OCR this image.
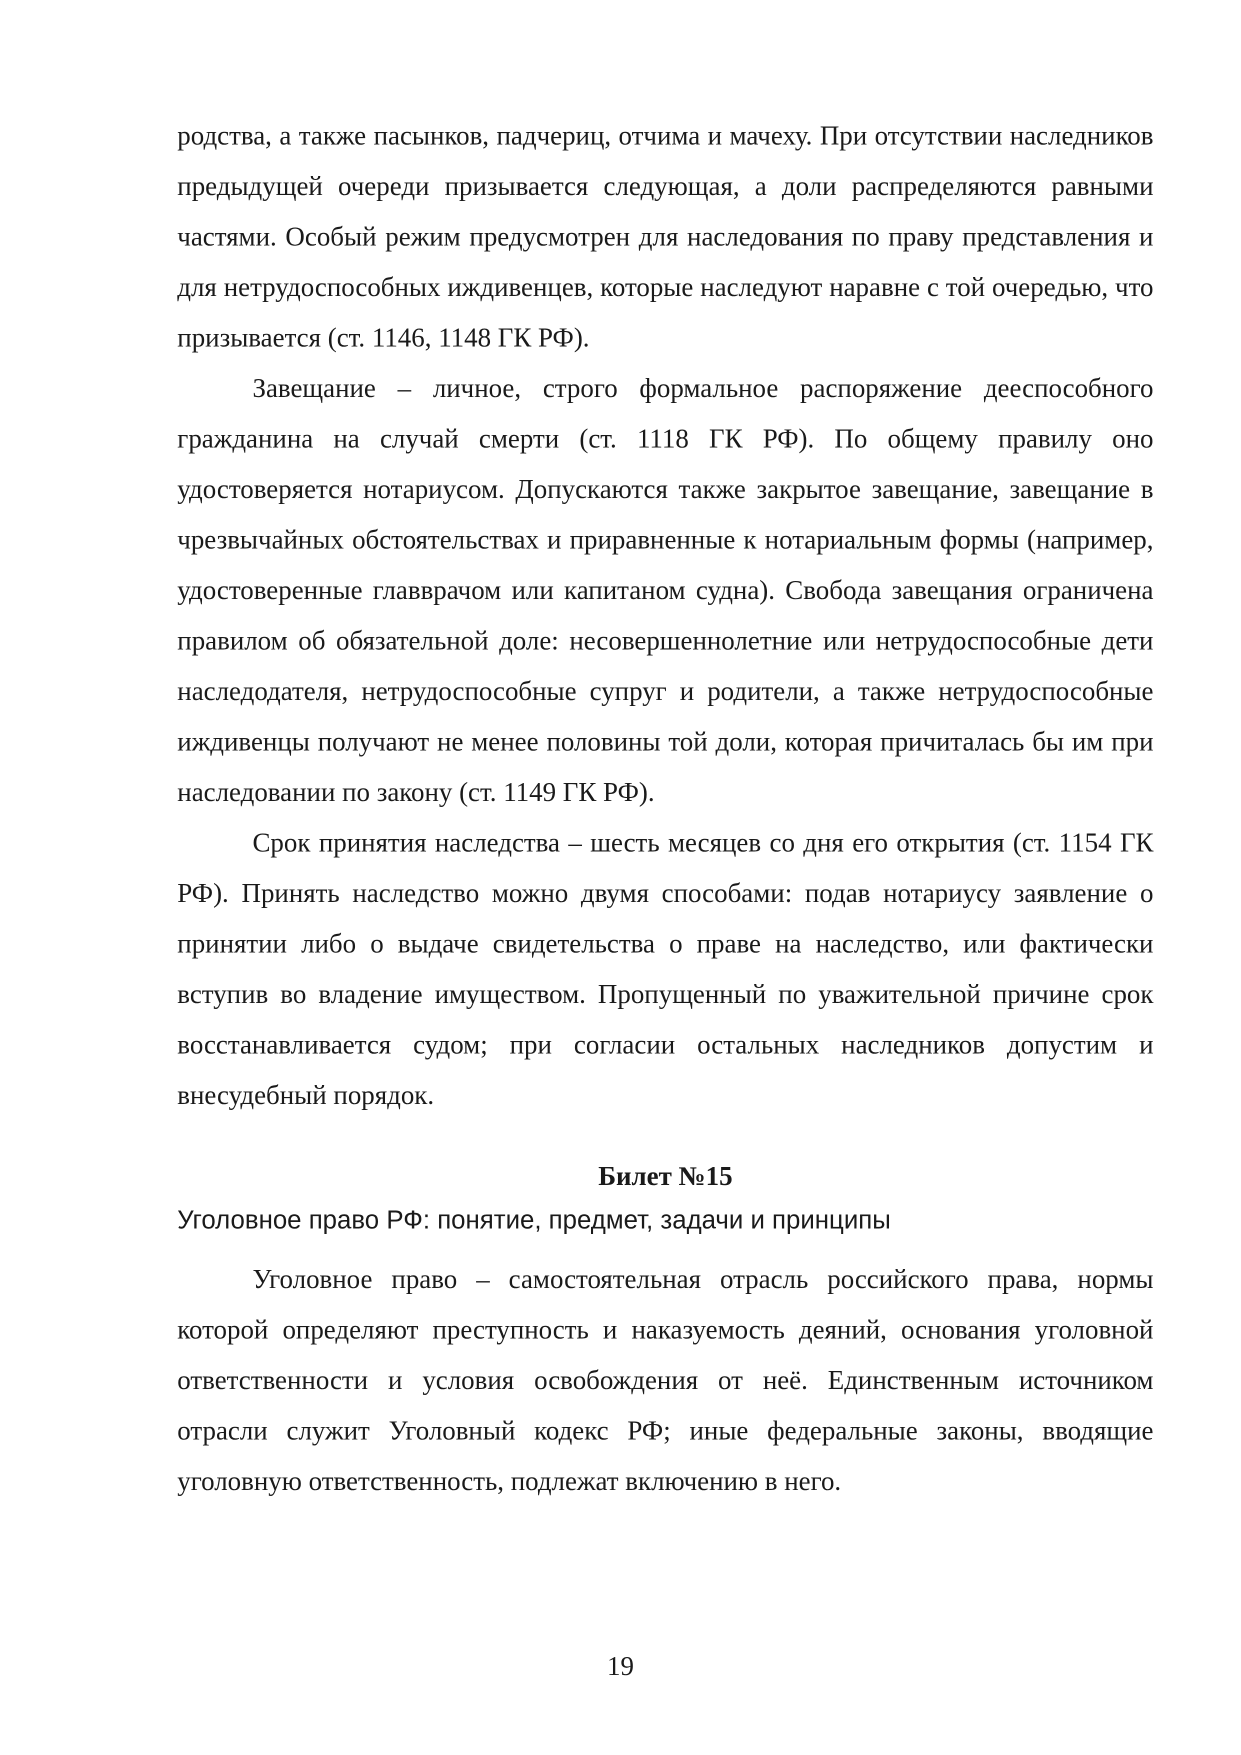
родства, а также пасынков, падчериц, отчима и мачеху. При отсутствии наследников предыдущей очереди призывается следующая, а доли распределяются равными частями. Особый режим предусмотрен для наследования по праву представления и для нетрудоспособных иждивенцев, которые наследуют наравне с той очередью, что призывается (ст. 1146, 1148 ГК РФ).

Завещание – личное, строго формальное распоряжение дееспособного гражданина на случай смерти (ст. 1118 ГК РФ). По общему правилу оно удостоверяется нотариусом. Допускаются также закрытое завещание, завещание в чрезвычайных обстоятельствах и приравненные к нотариальным формы (например, удостоверенные главврачом или капитаном судна). Свобода завещания ограничена правилом об обязательной доле: несовершеннолетние или нетрудоспособные дети наследодателя, нетрудоспособные супруг и родители, а также нетрудоспособные иждивенцы получают не менее половины той доли, которая причиталась бы им при наследовании по закону (ст. 1149 ГК РФ).

Срок принятия наследства – шесть месяцев со дня его открытия (ст. 1154 ГК РФ). Принять наследство можно двумя способами: подав нотариусу заявление о принятии либо о выдаче свидетельства о праве на наследство, или фактически вступив во владение имуществом. Пропущенный по уважительной причине срок восстанавливается судом; при согласии остальных наследников допустим и внесудебный порядок.

Билет №15
Уголовное право РФ: понятие, предмет, задачи и принципы

Уголовное право – самостоятельная отрасль российского права, нормы которой определяют преступность и наказуемость деяний, основания уголовной ответственности и условия освобождения от неё. Единственным источником отрасли служит Уголовный кодекс РФ; иные федеральные законы, вводящие уголовную ответственность, подлежат включению в него.

19
